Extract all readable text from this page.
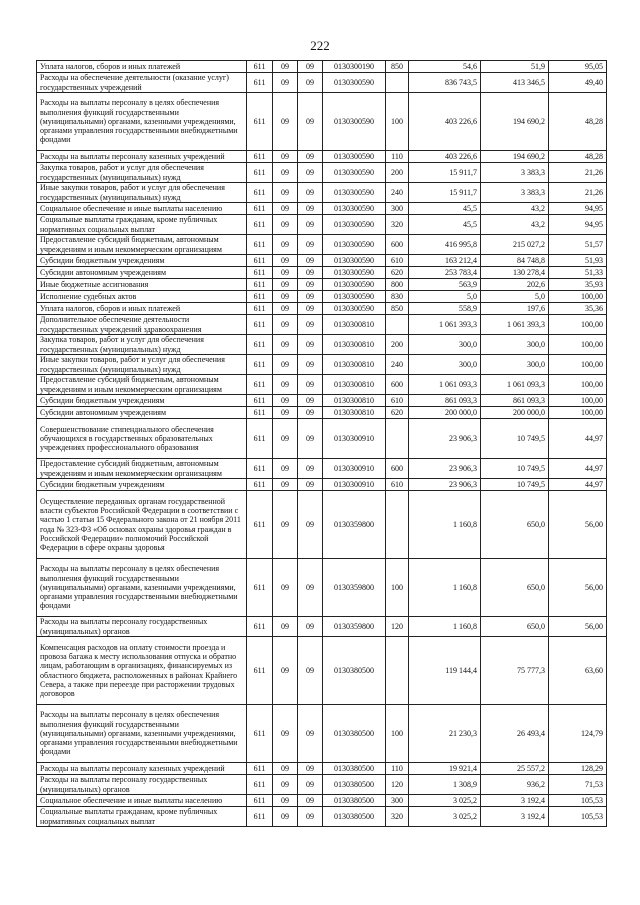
222
Уплата налогов, сборов и иных платежей	611	09	09	0130300190	850	54,6	51,9	95,05
Расходы на обеспечение деятельности (оказание услуг) государственных учреждений	611	09	09	0130300590		836 743,5	413 346,5	49,40
Расходы на выплаты персоналу в целях обеспечения выполнения функций государственными (муниципальными) органами, казенными учреждениями, органами управления государственными внебюджетными фондами	611	09	09	0130300590	100	403 226,6	194 690,2	48,28
Расходы на выплаты персоналу казенных учреждений	611	09	09	0130300590	110	403 226,6	194 690,2	48,28
Закупка товаров, работ и услуг для обеспечения государственных (муниципальных) нужд	611	09	09	0130300590	200	15 911,7	3 383,3	21,26
Иные закупки товаров, работ и услуг для обеспечения государственных (муниципальных) нужд	611	09	09	0130300590	240	15 911,7	3 383,3	21,26
Социальное обеспечение и иные выплаты населению	611	09	09	0130300590	300	45,5	43,2	94,95
Социальные выплаты гражданам, кроме публичных нормативных социальных выплат	611	09	09	0130300590	320	45,5	43,2	94,95
Предоставление субсидий бюджетным, автономным учреждениям и иным некоммерческим организациям	611	09	09	0130300590	600	416 995,8	215 027,2	51,57
Субсидии бюджетным учреждениям	611	09	09	0130300590	610	163 212,4	84 748,8	51,93
Субсидии автономным учреждениям	611	09	09	0130300590	620	253 783,4	130 278,4	51,33
Иные бюджетные ассигнования	611	09	09	0130300590	800	563,9	202,6	35,93
Исполнение судебных актов	611	09	09	0130300590	830	5,0	5,0	100,00
Уплата налогов, сборов и иных платежей	611	09	09	0130300590	850	558,9	197,6	35,36
Дополнительное обеспечение деятельности государственных учреждений здравоохранения	611	09	09	0130300810		1 061 393,3	1 061 393,3	100,00
Закупка товаров, работ и услуг для обеспечения государственных (муниципальных) нужд	611	09	09	0130300810	200	300,0	300,0	100,00
Иные закупки товаров, работ и услуг для обеспечения государственных (муниципальных) нужд	611	09	09	0130300810	240	300,0	300,0	100,00
Предоставление субсидий бюджетным, автономным учреждениям и иным некоммерческим организациям	611	09	09	0130300810	600	1 061 093,3	1 061 093,3	100,00
Субсидии бюджетным учреждениям	611	09	09	0130300810	610	861 093,3	861 093,3	100,00
Субсидии автономным учреждениям	611	09	09	0130300810	620	200 000,0	200 000,0	100,00
Совершенствование стипендиального обеспечения обучающихся в государственных образовательных учреждениях профессионального образования	611	09	09	0130300910		23 906,3	10 749,5	44,97
Предоставление субсидий бюджетным, автономным учреждениям и иным некоммерческим организациям	611	09	09	0130300910	600	23 906,3	10 749,5	44,97
Субсидии бюджетным учреждениям	611	09	09	0130300910	610	23 906,3	10 749,5	44,97
Осуществление переданных органам государственной власти субъектов Российской Федерации в соответствии с частью 1 статьи 15 Федерального закона от 21 ноября 2011 года № 323-ФЗ «Об основах охраны здоровья граждан в Российской Федерации» полномочий Российской Федерации в сфере охраны здоровья	611	09	09	0130359800		1 160,8	650,0	56,00
Расходы на выплаты персоналу в целях обеспечения выполнения функций государственными (муниципальными) органами, казенными учреждениями, органами управления государственными внебюджетными фондами	611	09	09	0130359800	100	1 160,8	650,0	56,00
Расходы на выплаты персоналу государственных (муниципальных) органов	611	09	09	0130359800	120	1 160,8	650,0	56,00
Компенсация расходов на оплату стоимости проезда и провоза багажа к месту использования отпуска и обратно лицам, работающим в организациях, финансируемых из областного бюджета, расположенных в районах Крайнего Севера, а также при переезде при расторжении трудовых договоров	611	09	09	0130380500		119 144,4	75 777,3	63,60
Расходы на выплаты персоналу в целях обеспечения выполнения функций государственными (муниципальными) органами, казенными учреждениями, органами управления государственными внебюджетными фондами	611	09	09	0130380500	100	21 230,3	26 493,4	124,79
Расходы на выплаты персоналу казенных учреждений	611	09	09	0130380500	110	19 921,4	25 557,2	128,29
Расходы на выплаты персоналу государственных (муниципальных) органов	611	09	09	0130380500	120	1 308,9	936,2	71,53
Социальное обеспечение и иные выплаты населению	611	09	09	0130380500	300	3 025,2	3 192,4	105,53
Социальные выплаты гражданам, кроме публичных нормативных социальных выплат	611	09	09	0130380500	320	3 025,2	3 192,4	105,53
